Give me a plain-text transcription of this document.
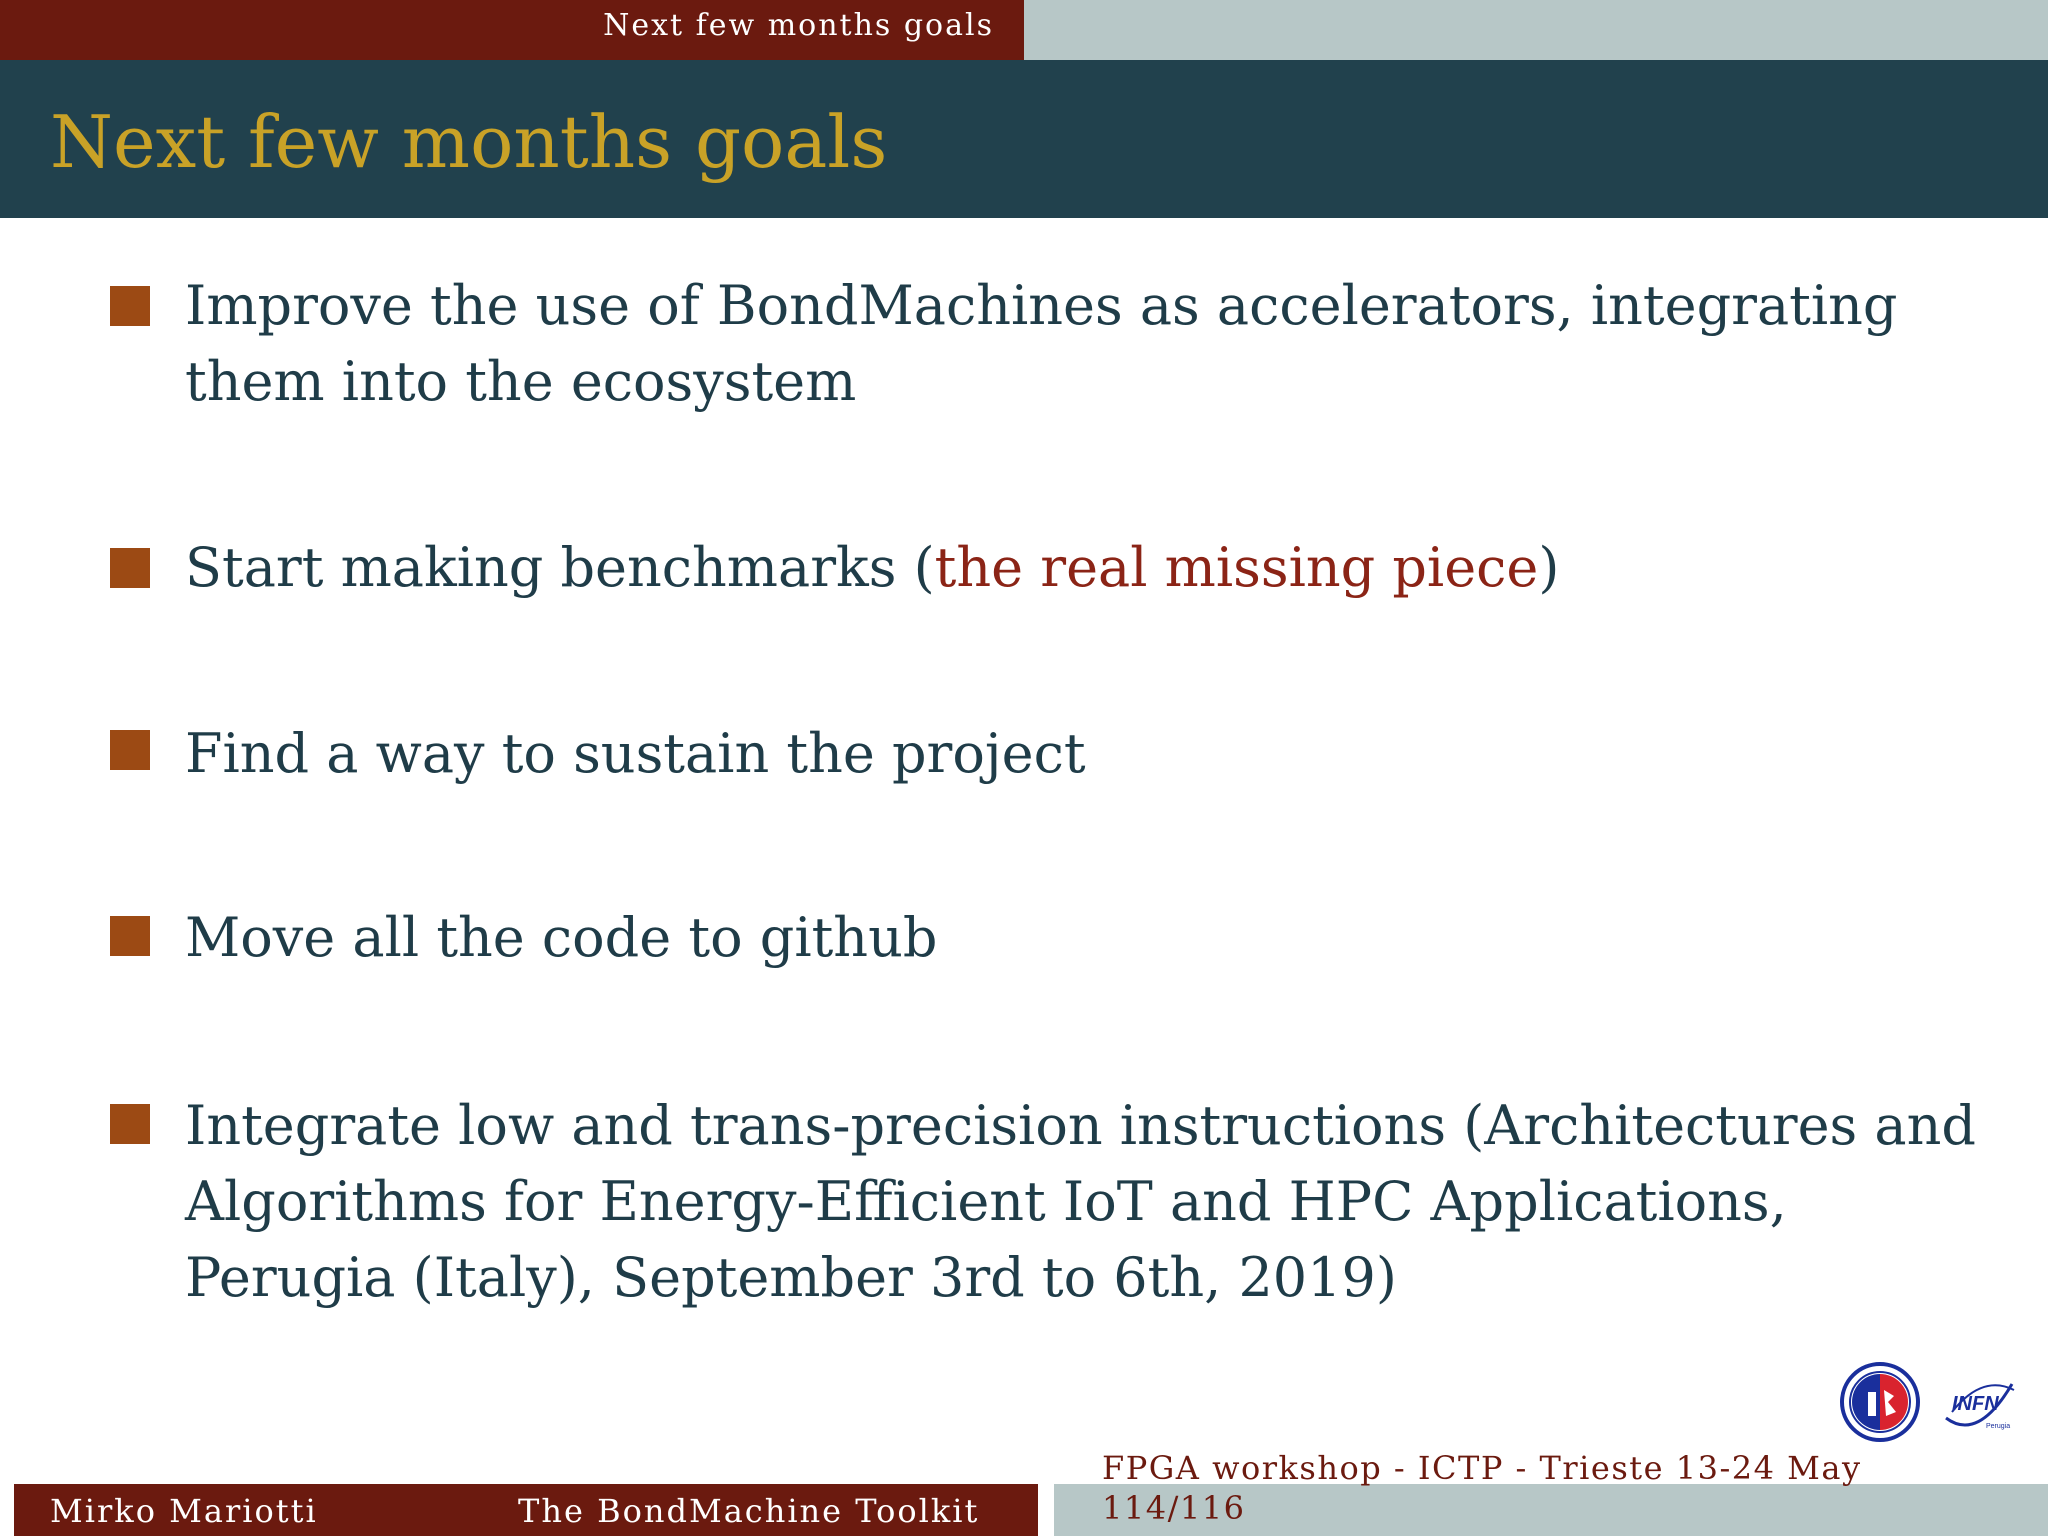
Next few months goals
Next few months goals
Improve the use of BondMachines as accelerators, integrating them into the ecosystem
Start making benchmarks (the real missing piece)
Find a way to sustain the project
Move all the code to github
Integrate low and trans-precision instructions (Architectures and Algorithms for Energy-Efficient IoT and HPC Applications, Perugia (Italy), September 3rd to 6th, 2019)
INFN
Perugia
Mirko Mariotti	The BondMachine Toolkit
FPGA workshop - ICTP - Trieste 13-24 May
114/116
